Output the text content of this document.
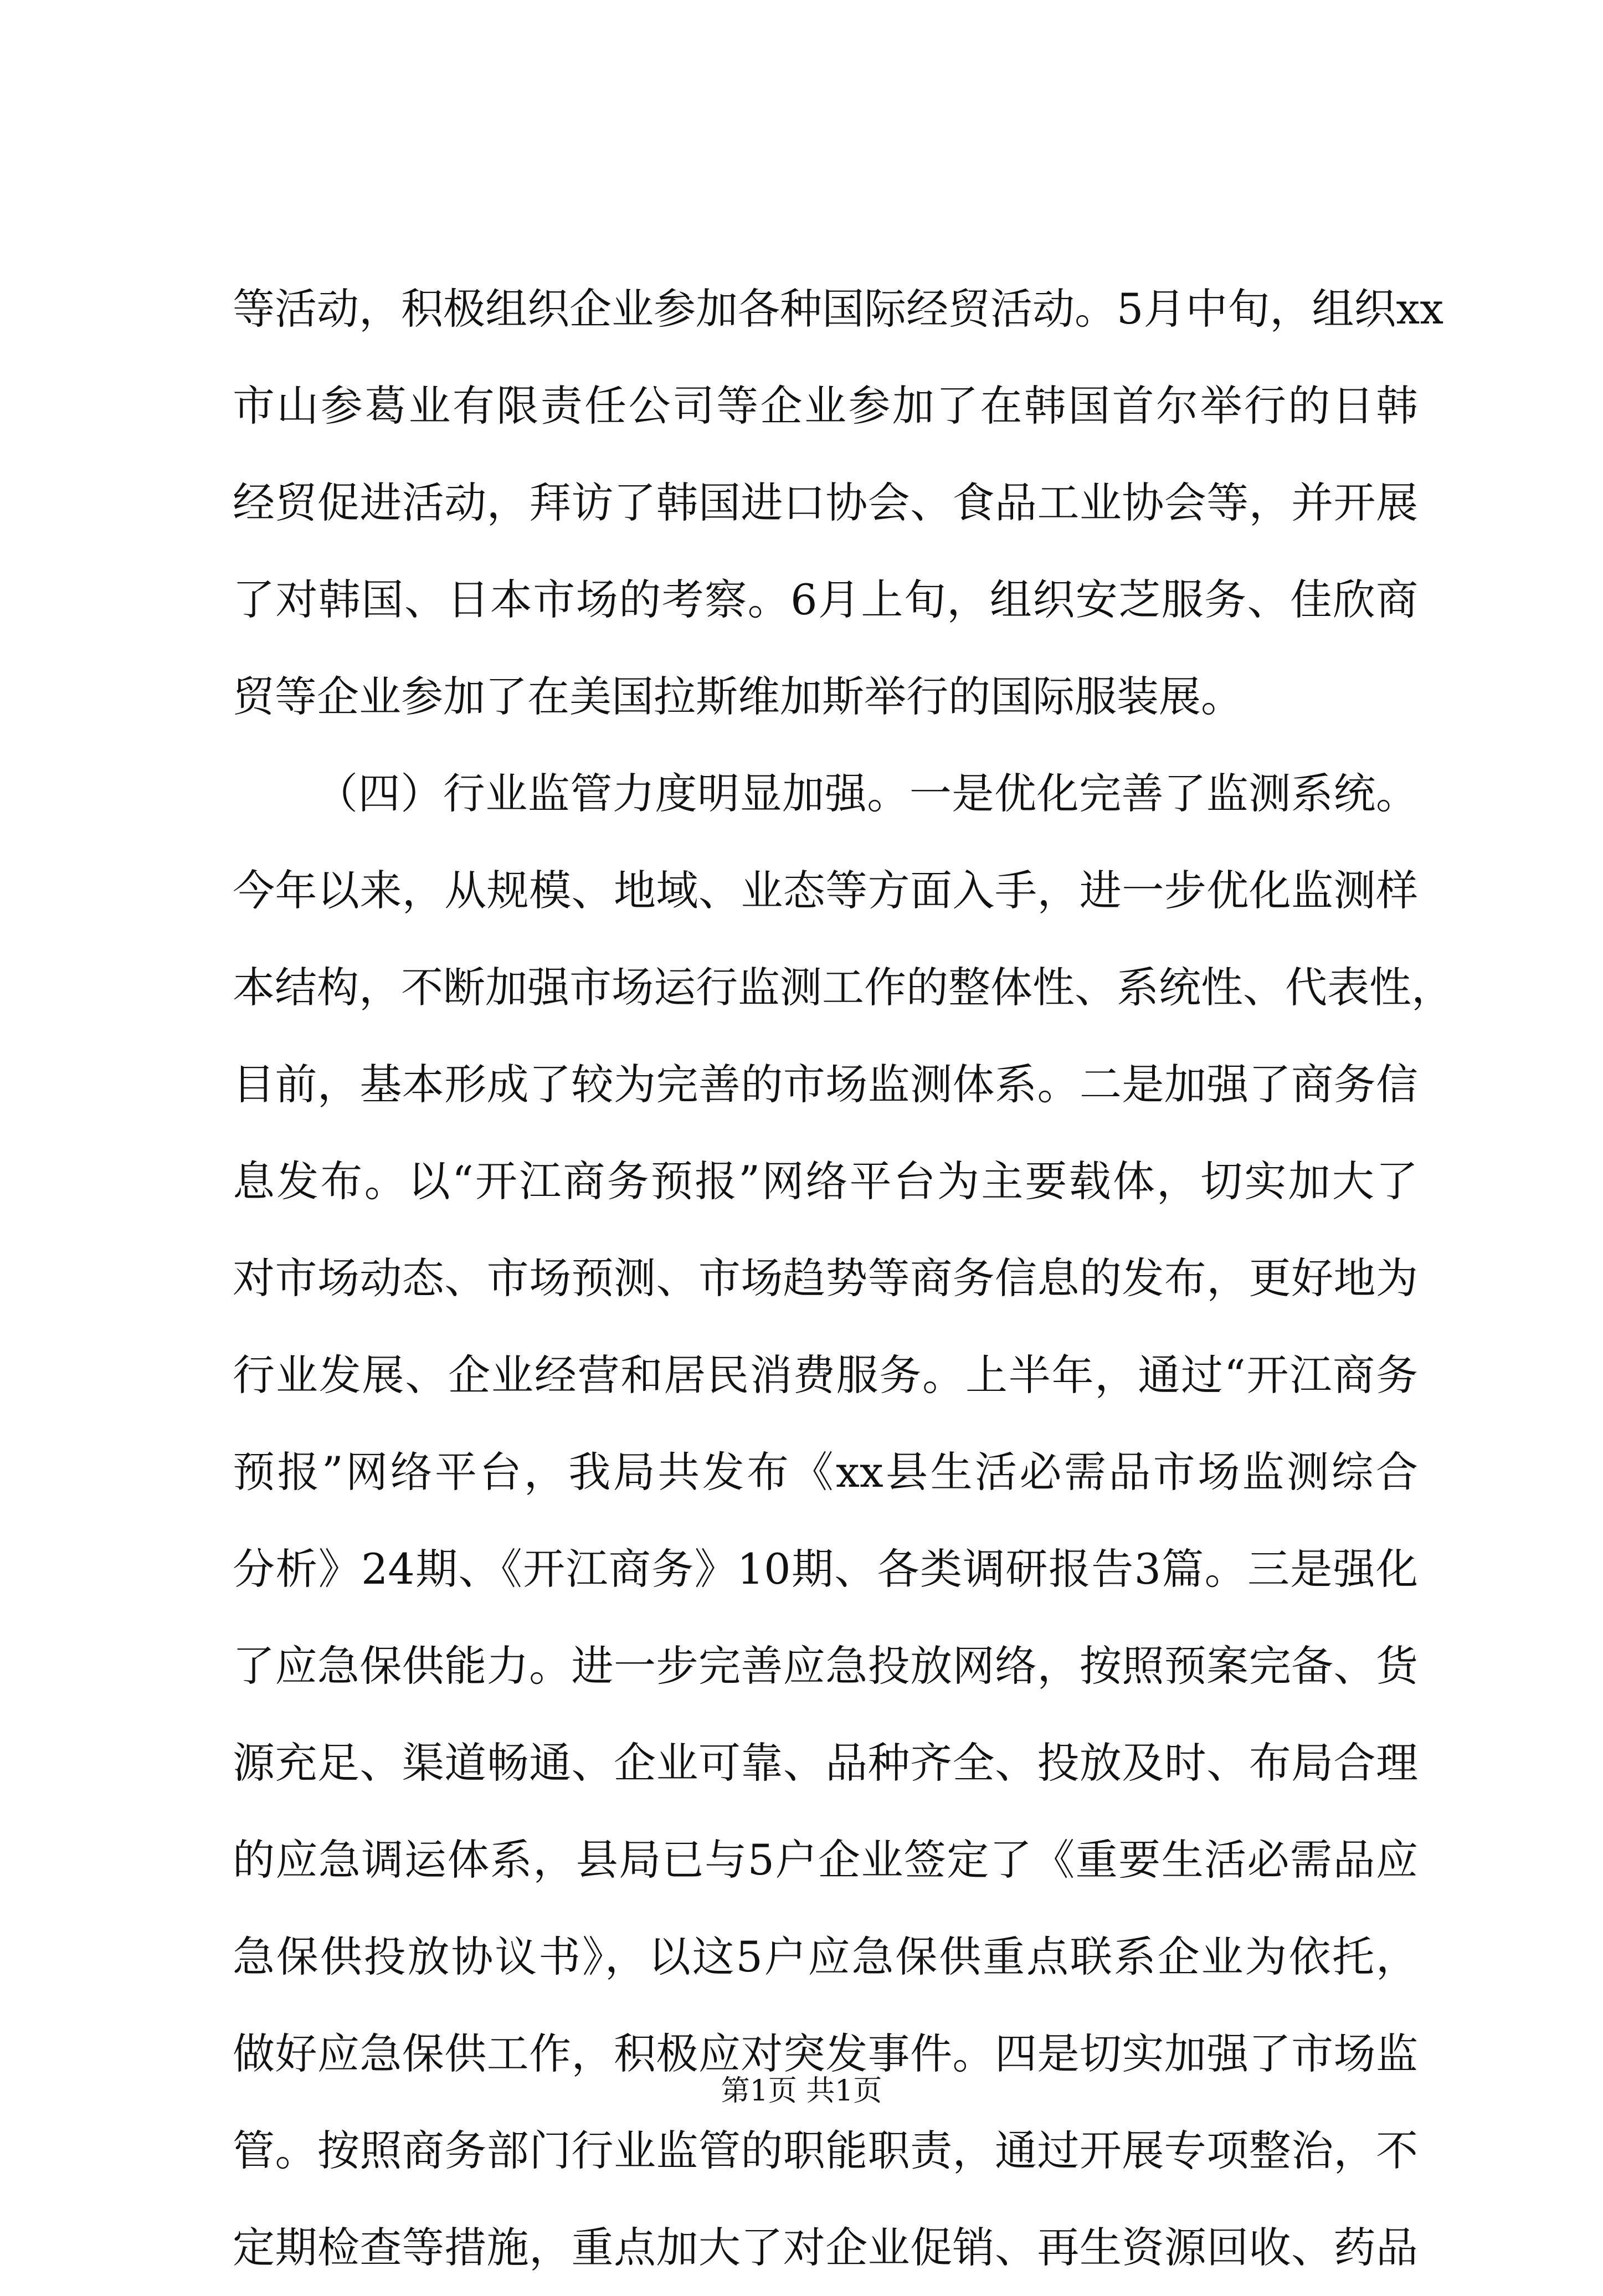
等活动，积极组织企业参加各种国际经贸活动。5月中旬，组织xx
市山参葛业有限责任公司等企业参加了在韩国首尔举行的日韩
经贸促进活动，拜访了韩国进口协会、食品工业协会等，并开展
了对韩国、日本市场的考察。6月上旬，组织安芝服务、佳欣商
贸等企业参加了在美国拉斯维加斯举行的国际服装展。
（四）行业监管力度明显加强。一是优化完善了监测系统。
今年以来，从规模、地域、业态等方面入手，进一步优化监测样
本结构，不断加强市场运行监测工作的整体性、系统性、代表性，
目前，基本形成了较为完善的市场监测体系。二是加强了商务信
息发布。以“开江商务预报”网络平台为主要载体，切实加大了
对市场动态、市场预测、市场趋势等商务信息的发布，更好地为
行业发展、企业经营和居民消费服务。上半年，通过“开江商务
预报”网络平台，我局共发布《xx县生活必需品市场监测综合
分析》24期、《开江商务》10期、各类调研报告3篇。三是强化
了应急保供能力。进一步完善应急投放网络，按照预案完备、货
源充足、渠道畅通、企业可靠、品种齐全、投放及时、布局合理
的应急调运体系，县局已与5户企业签定了《重要生活必需品应
急保供投放协议书》，以这5户应急保供重点联系企业为依托，
做好应急保供工作，积极应对突发事件。四是切实加强了市场监
管。按照商务部门行业监管的职能职责，通过开展专项整治，不
定期检查等措施，重点加大了对企业促销、再生资源回收、药品
第1页 共1页
